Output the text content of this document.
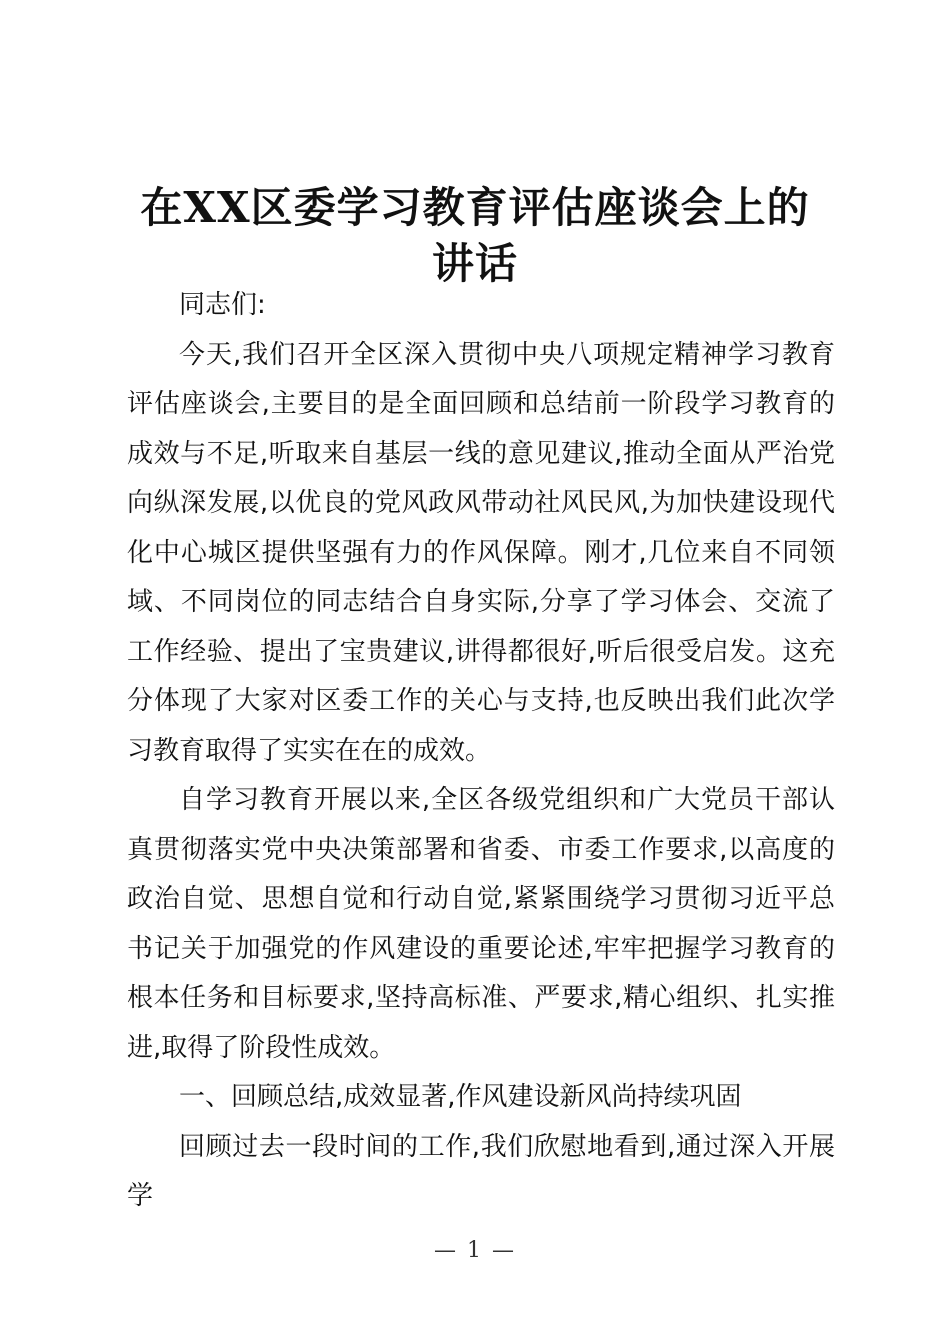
在XX区委学习教育评估座谈会上的讲话

同志们:

今天,我们召开全区深入贯彻中央八项规定精神学习教育评估座谈会,主要目的是全面回顾和总结前一阶段学习教育的成效与不足,听取来自基层一线的意见建议,推动全面从严治党向纵深发展,以优良的党风政风带动社风民风,为加快建设现代化中心城区提供坚强有力的作风保障。刚才,几位来自不同领域、不同岗位的同志结合自身实际,分享了学习体会、交流了工作经验、提出了宝贵建议,讲得都很好,听后很受启发。这充分体现了大家对区委工作的关心与支持,也反映出我们此次学习教育取得了实实在在的成效。

自学习教育开展以来,全区各级党组织和广大党员干部认真贯彻落实党中央决策部署和省委、市委工作要求,以高度的政治自觉、思想自觉和行动自觉,紧紧围绕学习贯彻习近平总书记关于加强党的作风建设的重要论述,牢牢把握学习教育的根本任务和目标要求,坚持高标准、严要求,精心组织、扎实推进,取得了阶段性成效。

一、回顾总结,成效显著,作风建设新风尚持续巩固

回顾过去一段时间的工作,我们欣慰地看到,通过深入开展学

— 1 —
